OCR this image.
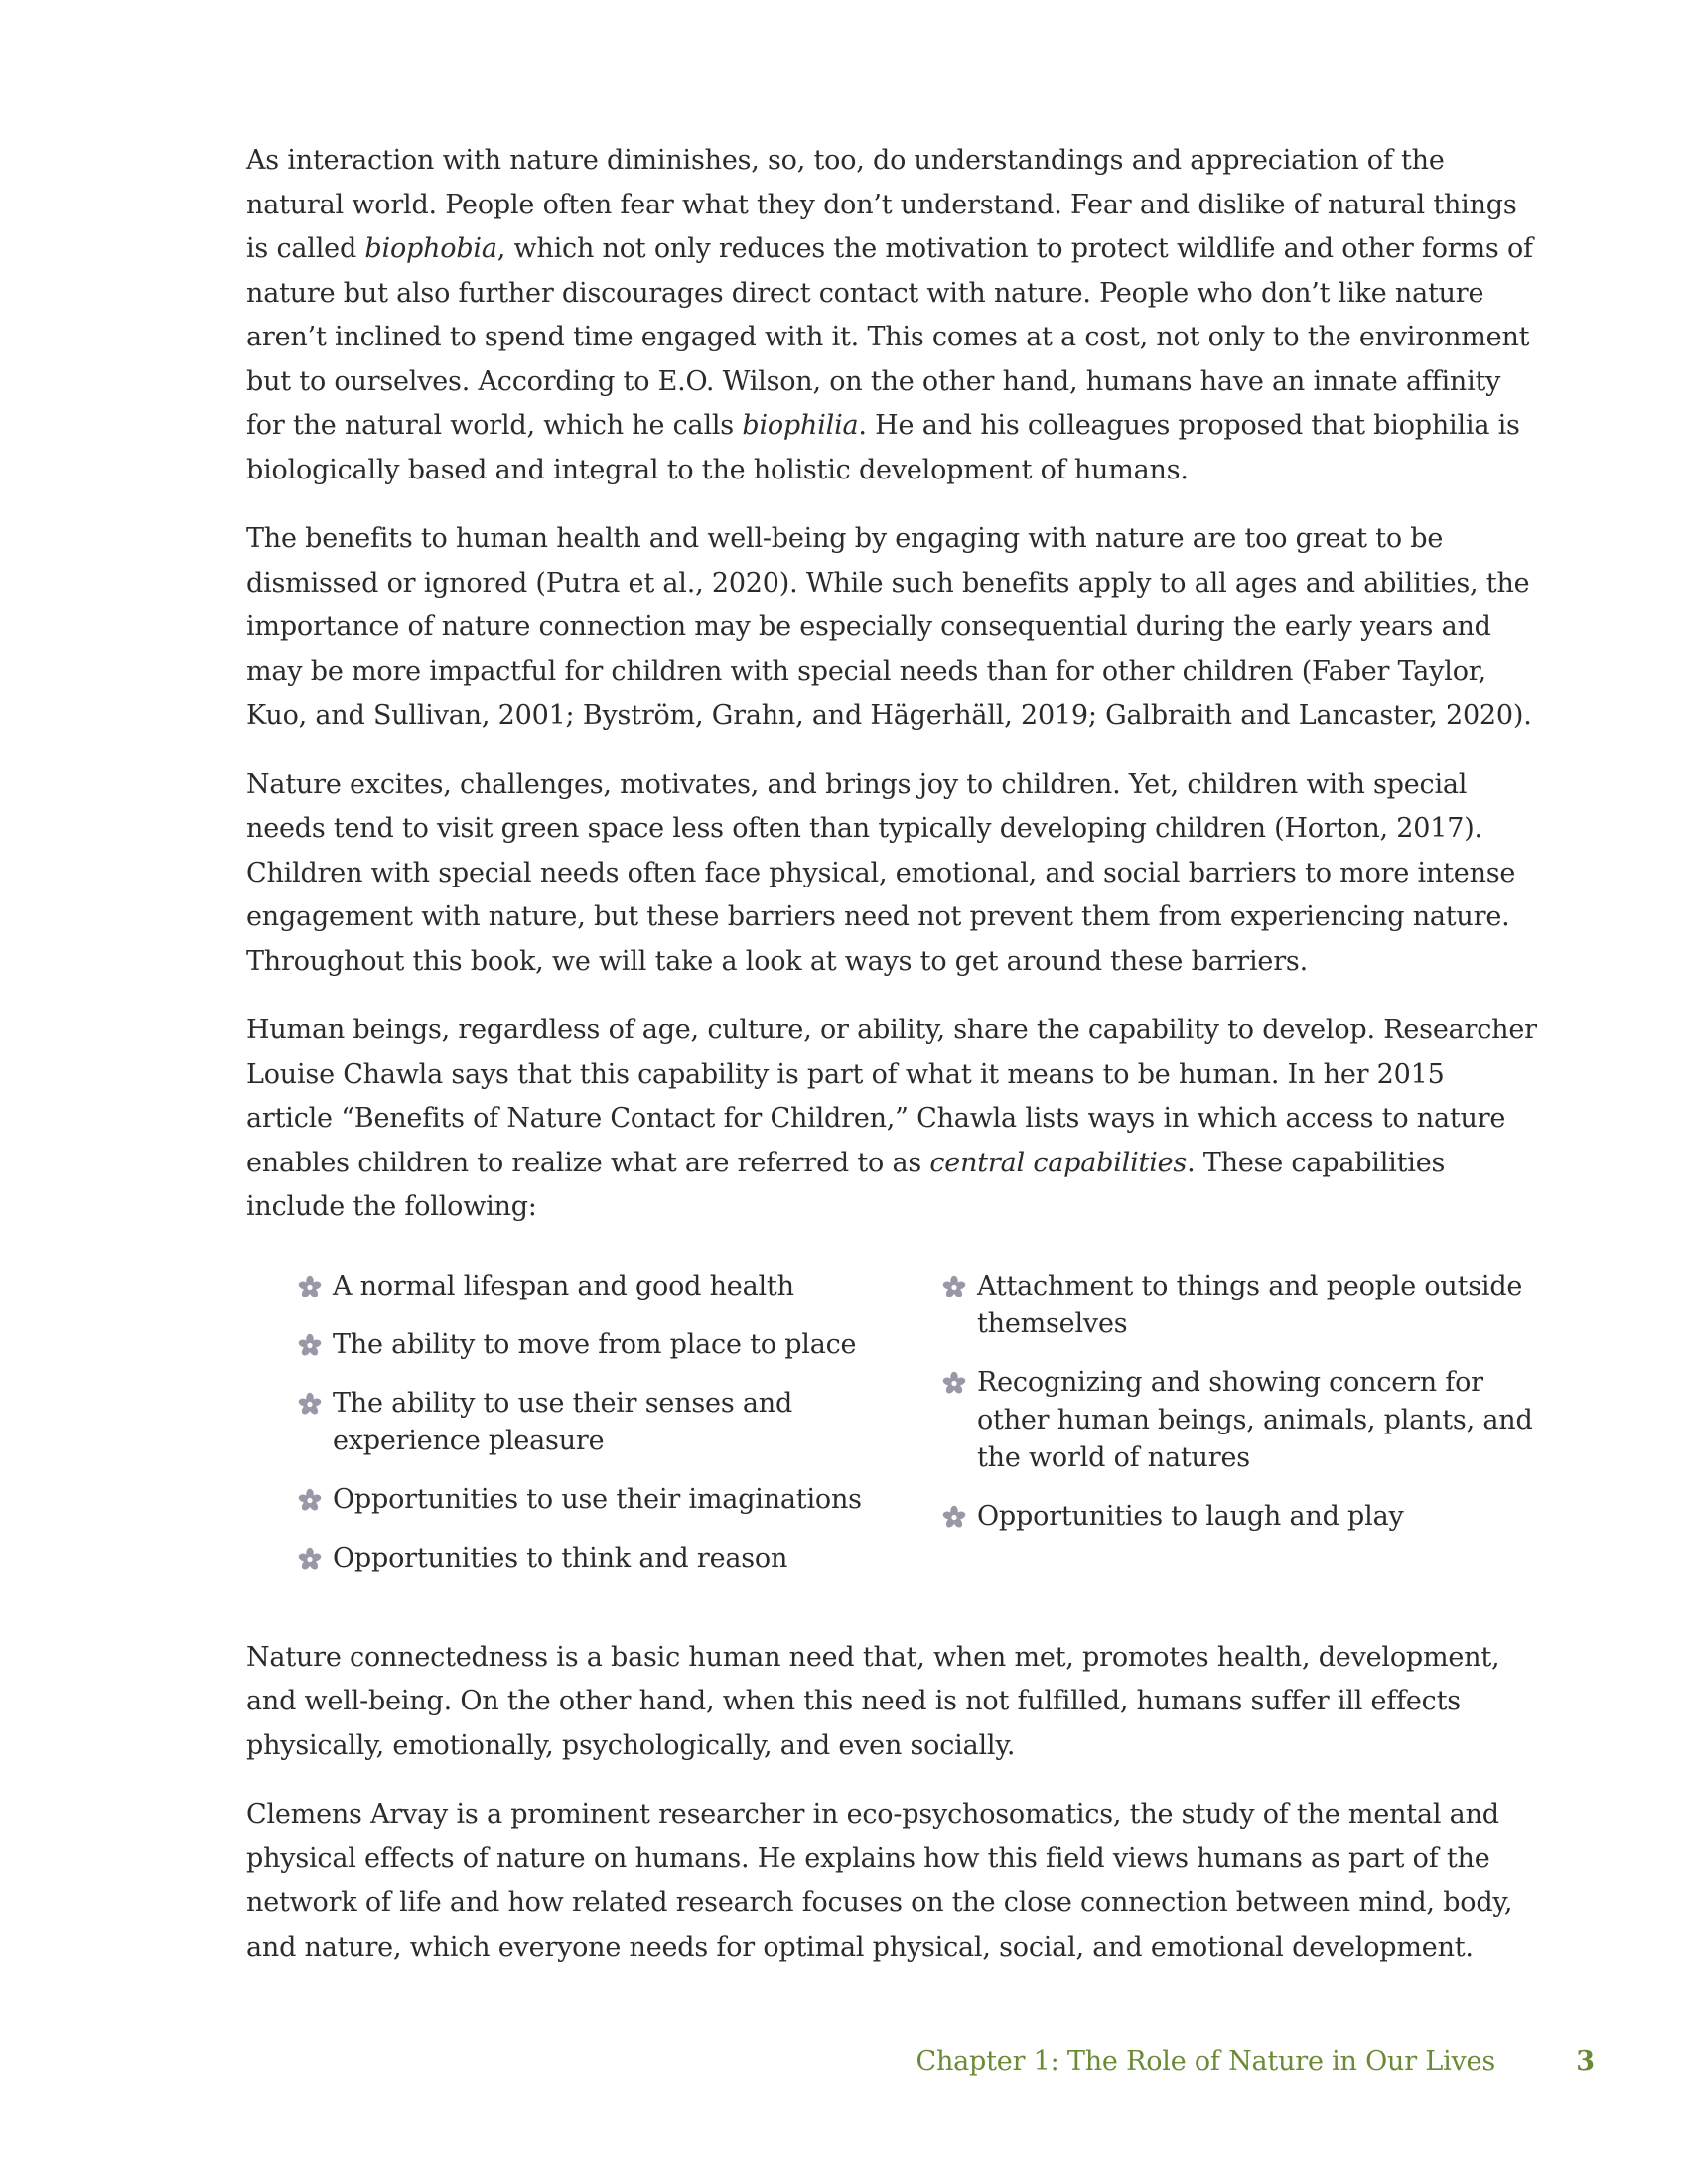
As interaction with nature diminishes, so, too, do understandings and appreciation of the natural world. People often fear what they don’t understand. Fear and dislike of natural things is called biophobia, which not only reduces the motivation to protect wildlife and other forms of nature but also further discourages direct contact with nature. People who don’t like nature aren’t inclined to spend time engaged with it. This comes at a cost, not only to the environment but to ourselves. According to E.O. Wilson, on the other hand, humans have an innate affinity for the natural world, which he calls biophilia. He and his colleagues proposed that biophilia is biologically based and integral to the holistic development of humans.

The benefits to human health and well-being by engaging with nature are too great to be dismissed or ignored (Putra et al., 2020). While such benefits apply to all ages and abilities, the importance of nature connection may be especially consequential during the early years and may be more impactful for children with special needs than for other children (Faber Taylor, Kuo, and Sullivan, 2001; Byström, Grahn, and Hägerhäll, 2019; Galbraith and Lancaster, 2020).

Nature excites, challenges, motivates, and brings joy to children. Yet, children with special needs tend to visit green space less often than typically developing children (Horton, 2017). Children with special needs often face physical, emotional, and social barriers to more intense engagement with nature, but these barriers need not prevent them from experiencing nature. Throughout this book, we will take a look at ways to get around these barriers.

Human beings, regardless of age, culture, or ability, share the capability to develop. Researcher Louise Chawla says that this capability is part of what it means to be human. In her 2015 article “Benefits of Nature Contact for Children,” Chawla lists ways in which access to nature enables children to realize what are referred to as central capabilities. These capabilities include the following:

A normal lifespan and good health
The ability to move from place to place
The ability to use their senses and experience pleasure
Opportunities to use their imaginations
Opportunities to think and reason
Attachment to things and people outside themselves
Recognizing and showing concern for other human beings, animals, plants, and the world of natures
Opportunities to laugh and play

Nature connectedness is a basic human need that, when met, promotes health, development, and well-being. On the other hand, when this need is not fulfilled, humans suffer ill effects physically, emotionally, psychologically, and even socially.

Clemens Arvay is a prominent researcher in eco-psychosomatics, the study of the mental and physical effects of nature on humans. He explains how this field views humans as part of the network of life and how related research focuses on the close connection between mind, body, and nature, which everyone needs for optimal physical, social, and emotional development.

Chapter 1: The Role of Nature in Our Lives	3
